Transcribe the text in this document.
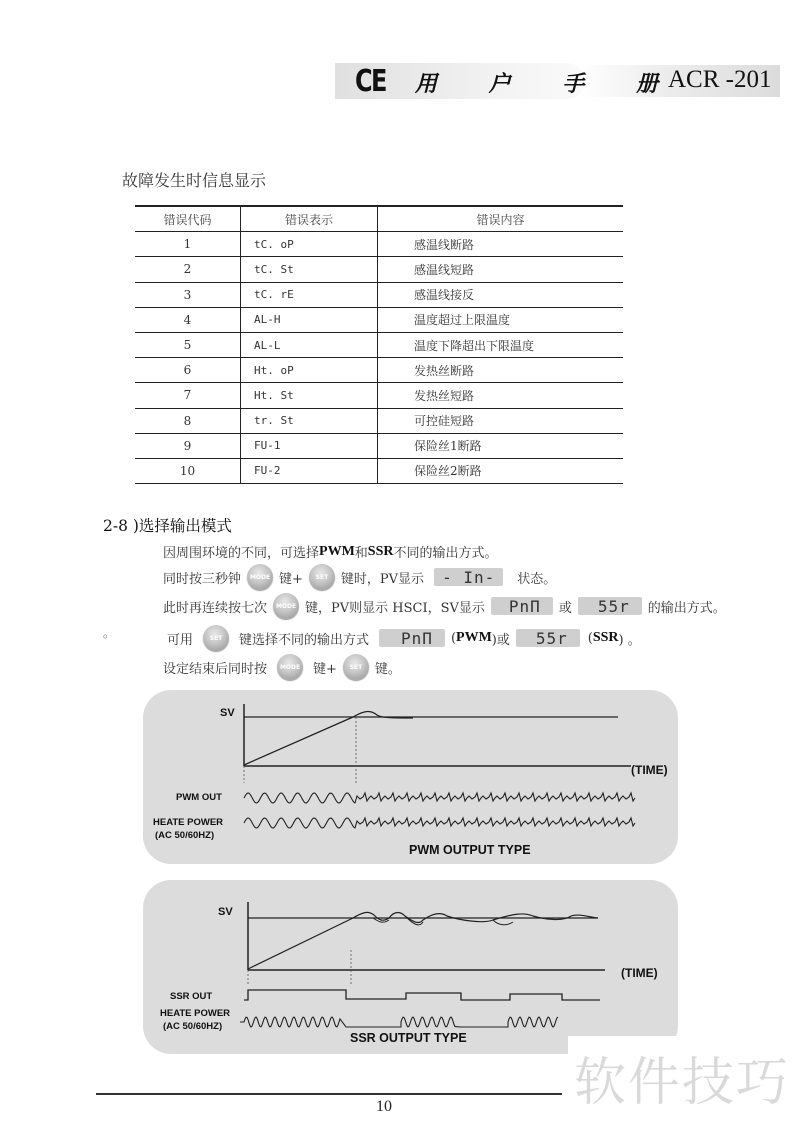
CE 用 户 手 册
ACR -201
故障发生时信息显示
错误代码	错误表示	错误内容
1	tC. oP	感温线断路
2	tC. St	感温线短路
3	tC. rE	感温线接反
4	AL-H	温度超过上限温度
5	AL-L	温度下降超出下限温度
6	Ht. oP	发热丝断路
7	Ht. St	发热丝短路
8	tr. St	可控硅短路
9	FU-1	保险丝1断路
10	FU-2	保险丝2断路
2-8 )选择输出模式
因周围环境的不同，可选择 PWM 和 SSR 不同的输出方式。
同时按三秒钟	MODE 键+	SET 键时，PV显示	- In-	状态。
此时再连续按七次	MODE 键，PV则显示 HSCI，SV显示	PnΠ	或	55r	的输出方式。
。	可用	SET	键选择不同的输出方式	PnΠ	( PWM )或	55r	( SSR ) 。
设定结束后同时按	MODE 键+	SET 键。
SV
(TIME)
PWM OUT
HEATE POWER
(AC 50/60HZ)
PWM OUTPUT TYPE
SV
(TIME)
SSR OUT
HEATE POWER
(AC 50/60HZ)
SSR OUTPUT TYPE
10	软件技巧
